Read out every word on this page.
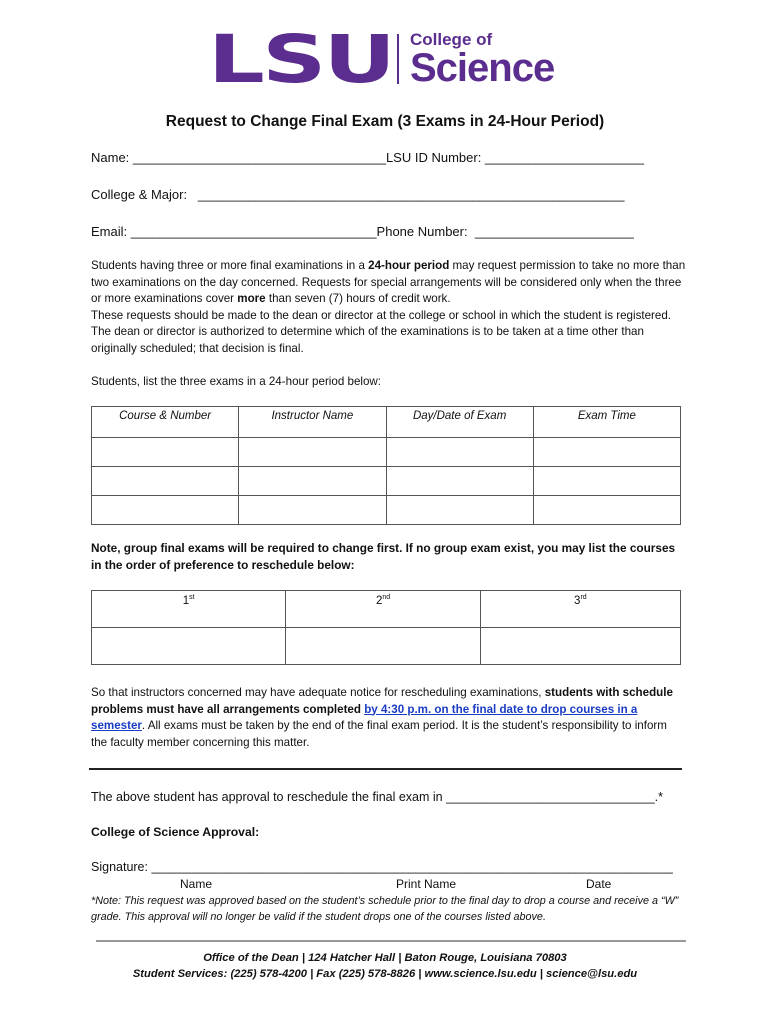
LSU College of
Science
Request to Change Final Exam (3 Exams in 24-Hour Period)
Name: ___________________________________LSU ID Number: ______________________
College & Major:   ___________________________________________________________
Email: __________________________________Phone Number:  ______________________
Students having three or more final examinations in a 24-hour period may request permission to take no more than two examinations on the day concerned. Requests for special arrangements will be considered only when the three or more examinations cover more than seven (7) hours of credit work.
These requests should be made to the dean or director at the college or school in which the student is registered. The dean or director is authorized to determine which of the examinations is to be taken at a time other than originally scheduled; that decision is final.
Students, list the three exams in a 24-hour period below:
Course & Number	Instructor Name	Day/Date of Exam	Exam Time

Note, group final exams will be required to change first. If no group exam exist, you may list the courses in the order of preference to reschedule below:
1st	2nd	3rd

So that instructors concerned may have adequate notice for rescheduling examinations, students with schedule problems must have all arrangements completed by 4:30 p.m. on the final date to drop courses in a semester. All exams must be taken by the end of the final exam period. It is the student’s responsibility to inform the faculty member concerning this matter.
The above student has approval to reschedule the final exam in ______________________________.*
College of Science Approval:
Signature: ___________________________________________________________________________
Name	Print Name	Date
*Note: This request was approved based on the student’s schedule prior to the final day to drop a course and receive a “W” grade. This approval will no longer be valid if the student drops one of the courses listed above.
Office of the Dean | 124 Hatcher Hall | Baton Rouge, Louisiana 70803
Student Services: (225) 578-4200 | Fax (225) 578-8826 | www.science.lsu.edu | science@lsu.edu
